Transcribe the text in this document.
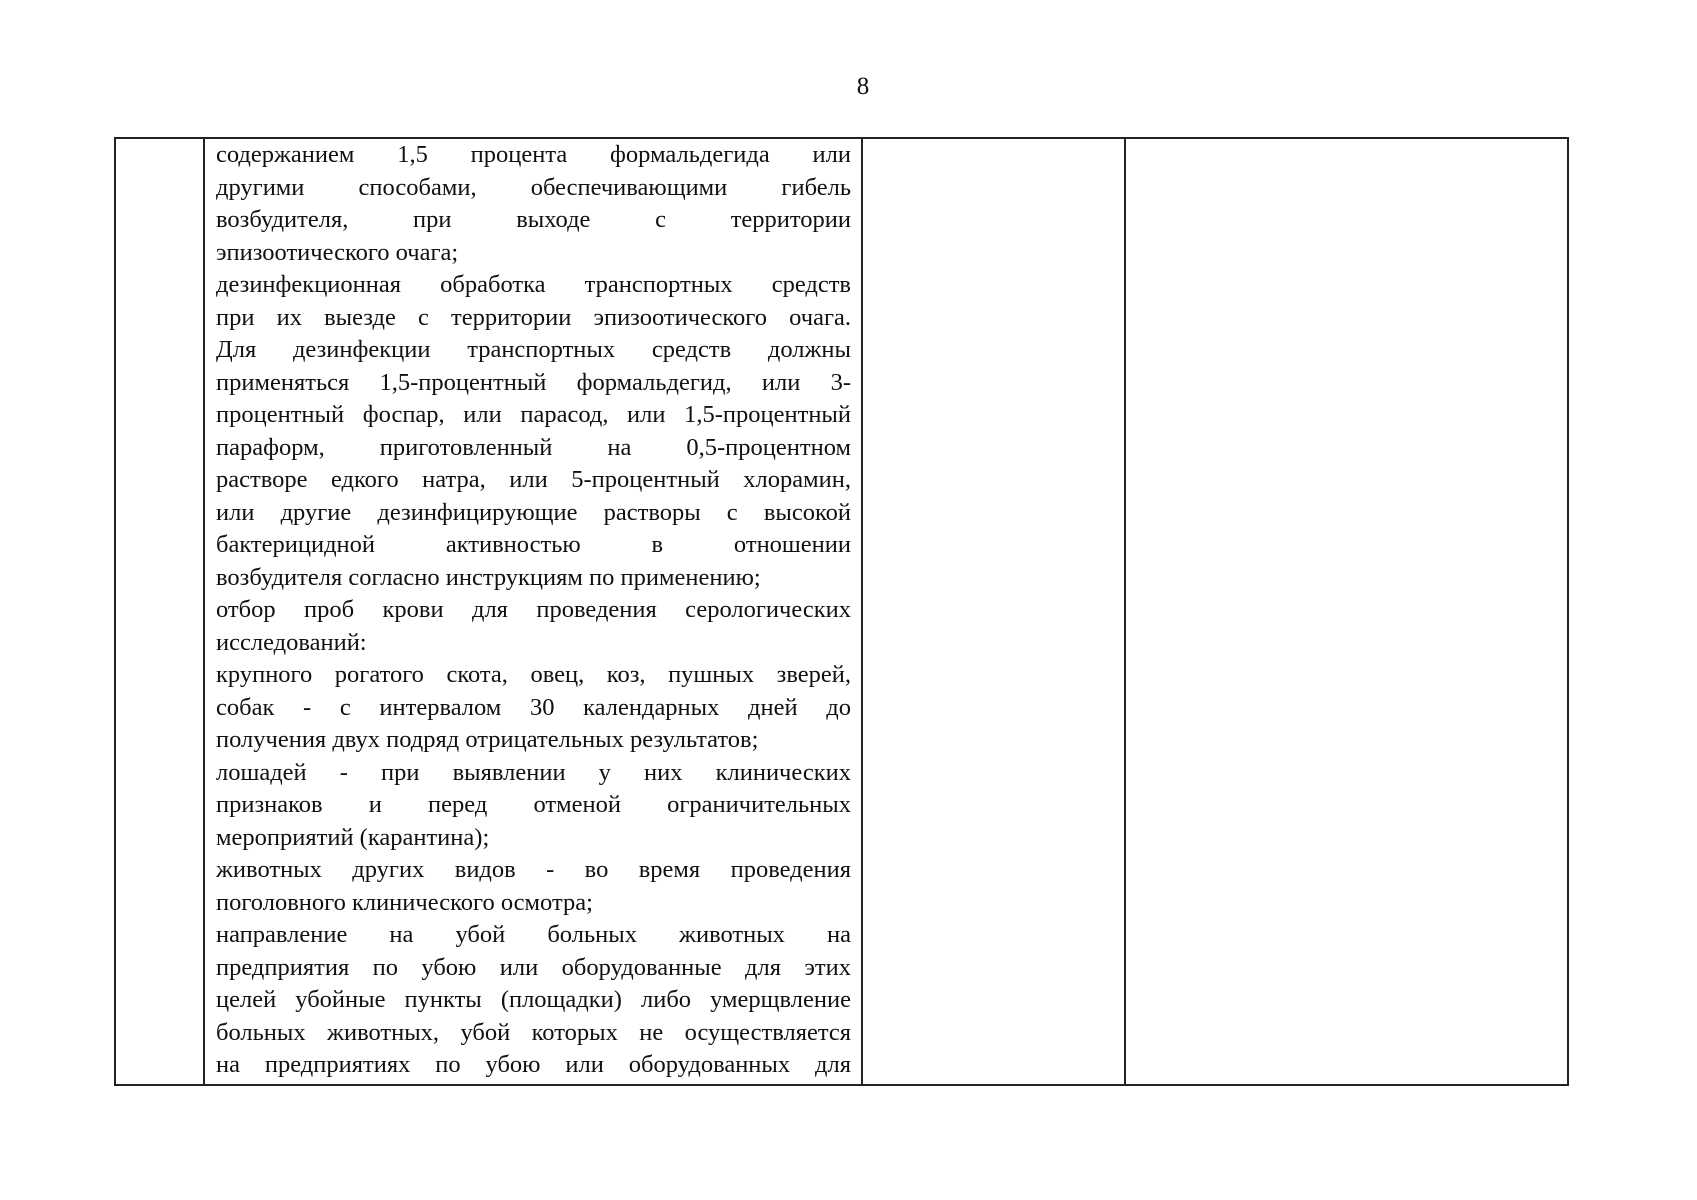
8

содержанием 1,5 процента формальдегида или
другими способами, обеспечивающими гибель
возбудителя, при выходе с территории
эпизоотического очага;
дезинфекционная обработка транспортных средств
при их выезде с территории эпизоотического очага.
Для дезинфекции транспортных средств должны
применяться 1,5-процентный формальдегид, или 3-
процентный фоспар, или парасод, или 1,5-процентный
параформ, приготовленный на 0,5-процентном
растворе едкого натра, или 5-процентный хлорамин,
или другие дезинфицирующие растворы с высокой
бактерицидной активностью в отношении
возбудителя согласно инструкциям по применению;
отбор проб крови для проведения серологических
исследований:
крупного рогатого скота, овец, коз, пушных зверей,
собак - с интервалом 30 календарных дней до
получения двух подряд отрицательных результатов;
лошадей - при выявлении у них клинических
признаков и перед отменой ограничительных
мероприятий (карантина);
животных других видов - во время проведения
поголовного клинического осмотра;
направление на убой больных животных на
предприятия по убою или оборудованные для этих
целей убойные пункты (площадки) либо умерщвление
больных животных, убой которых не осуществляется
на предприятиях по убою или оборудованных для
